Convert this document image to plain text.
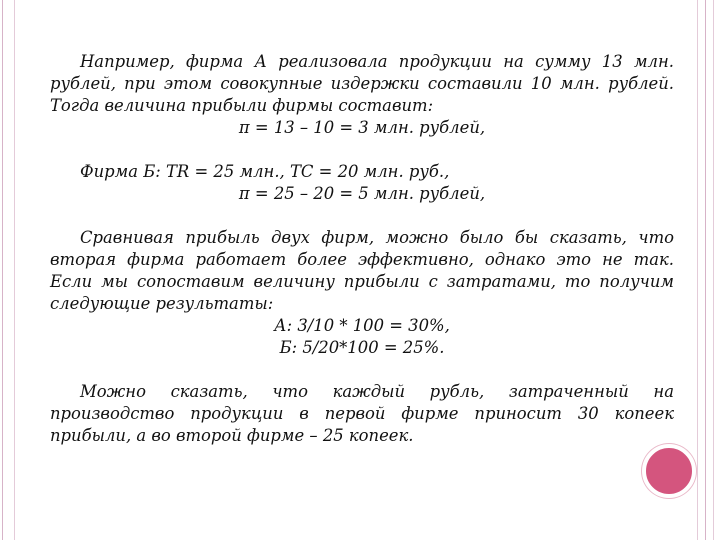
Например, фирма А реализовала продукции на сумму 13 млн. рублей, при этом совокупные издержки составили 10 млн. рублей. Тогда величина прибыли фирмы составит:

π = 13 – 10 = 3 млн. рублей,

Фирма Б: TR = 25 млн., TC = 20 млн. руб.,

π = 25 – 20 = 5 млн. рублей,

Сравнивая прибыль двух фирм, можно было бы сказать, что вторая фирма работает более эффективно, однако это не так. Если мы сопоставим величину прибыли с затратами, то получим следующие результаты:

А: 3/10 * 100 = 30%,

Б: 5/20*100 = 25%.

Можно сказать, что каждый рубль, затраченный на производство продукции в первой фирме приносит 30 копеек прибыли, а во второй фирме – 25 копеек.
